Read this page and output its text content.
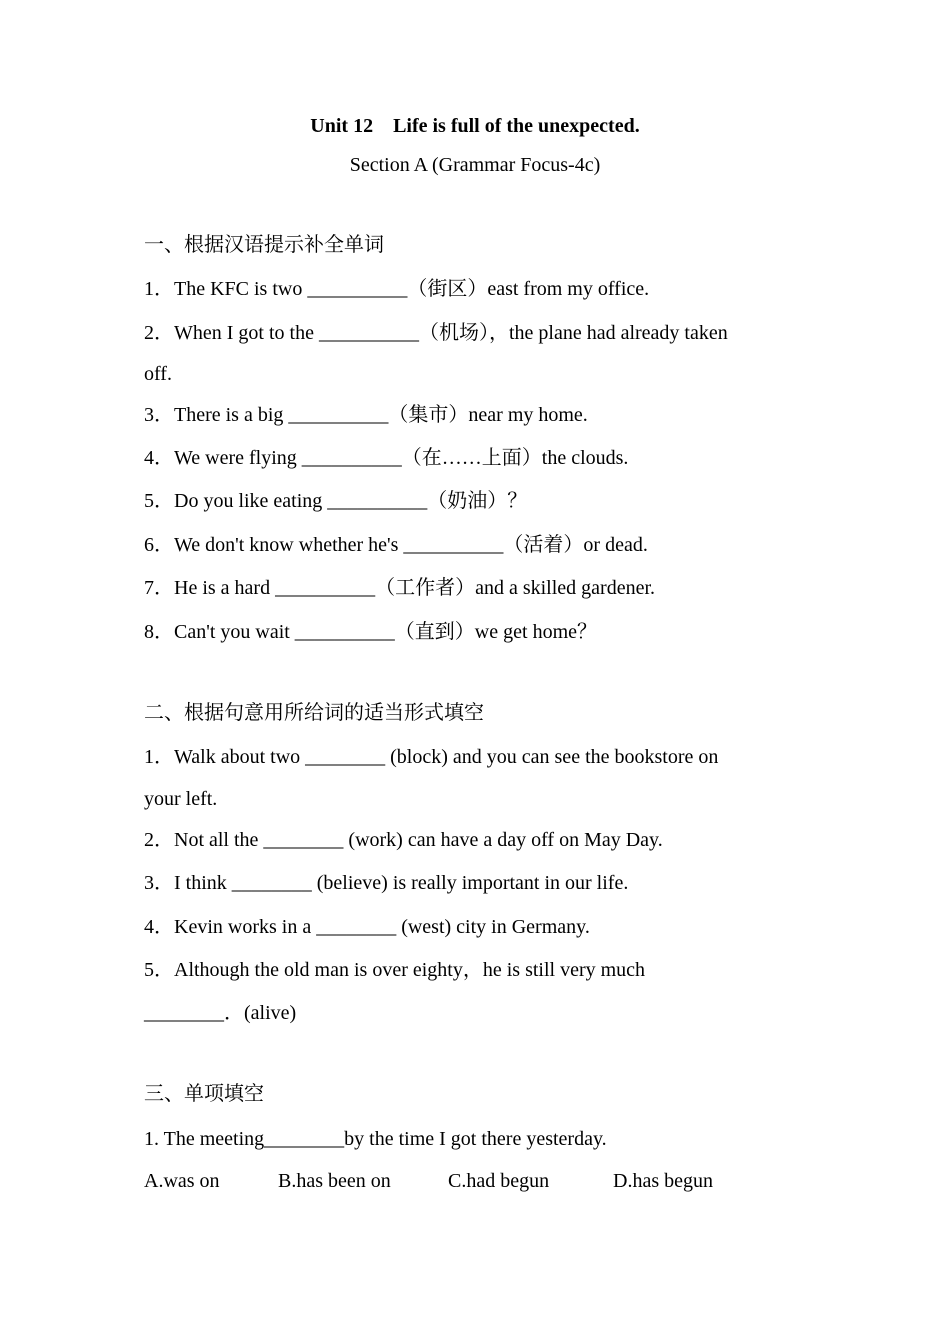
Unit 12    Life is full of the unexpected.
Section A (Grammar Focus-4c)
一、根据汉语提示补全单词
1．The KFC is two __________（街区）east from my office.
2．When I got to the __________（机场），the plane had already taken
off.
3．There is a big __________（集市）near my home.
4．We were flying __________（在……上面）the clouds.
5．Do you like eating __________（奶油）？
6．We don't know whether he's __________（活着）or dead.
7．He is a hard __________（工作者）and a skilled gardener.
8．Can't you wait __________（直到）we get home？
二、根据句意用所给词的适当形式填空
1．Walk about two ________ (block) and you can see the bookstore on
your left.
2．Not all the ________ (work) can have a day off on May Day.
3．I think ________ (believe) is really important in our life.
4．Kevin works in a ________ (west) city in Germany.
5．Although the old man is over eighty，he is still very much
________．(alive)
三、单项填空
1. The meeting________by the time I got there yesterday.
A.was on	B.has been on	C.had begun	D.has begun
